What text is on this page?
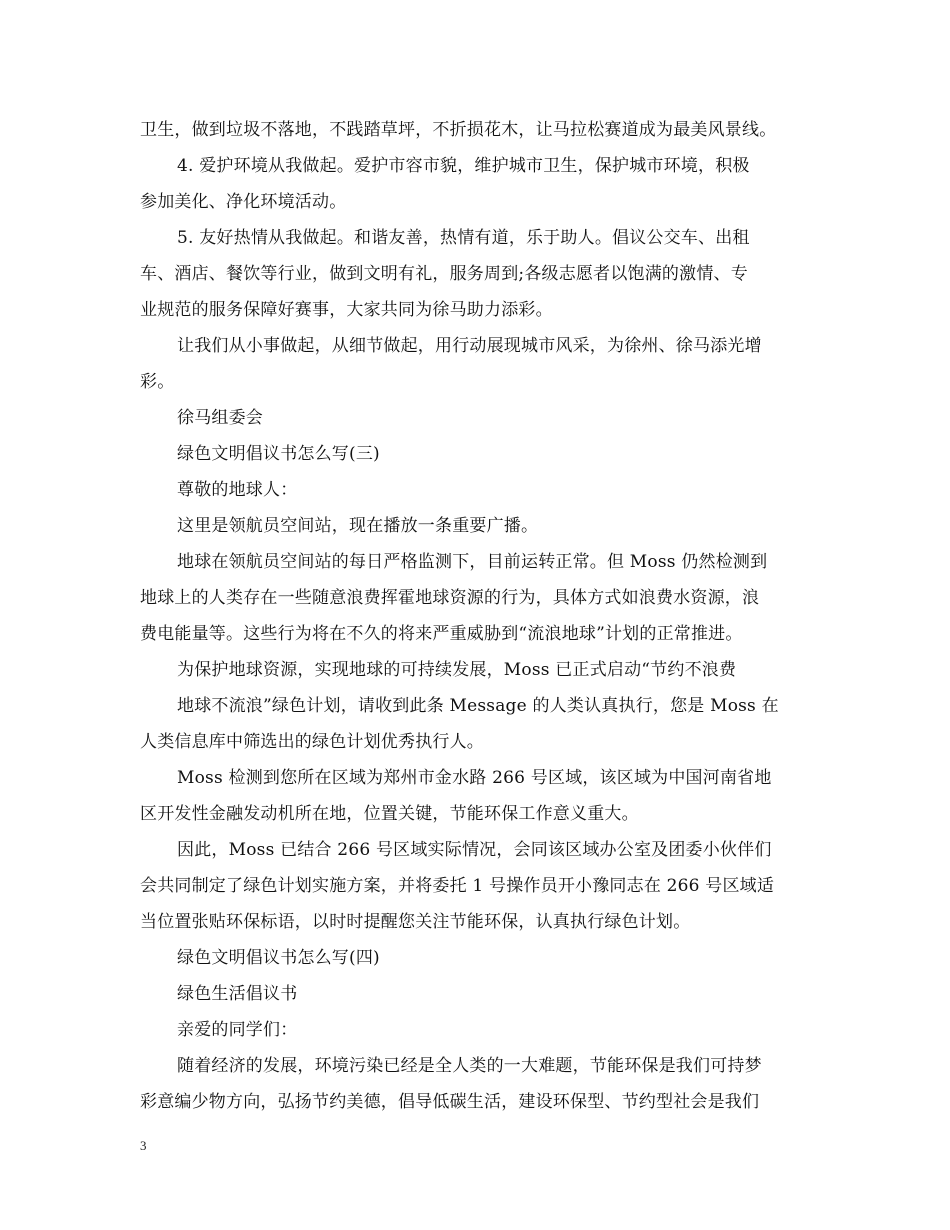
卫生，做到垃圾不落地，不践踏草坪，不折损花木，让马拉松赛道成为最美风景线。
4. 爱护环境从我做起。爱护市容市貌，维护城市卫生，保护城市环境，积极
参加美化、净化环境活动。
5. 友好热情从我做起。和谐友善，热情有道，乐于助人。倡议公交车、出租
车、酒店、餐饮等行业，做到文明有礼，服务周到;各级志愿者以饱满的激情、专
业规范的服务保障好赛事，大家共同为徐马助力添彩。
让我们从小事做起，从细节做起，用行动展现城市风采，为徐州、徐马添光增
彩。
徐马组委会
绿色文明倡议书怎么写(三)
尊敬的地球人：
这里是领航员空间站，现在播放一条重要广播。
地球在领航员空间站的每日严格监测下，目前运转正常。但 Moss 仍然检测到
地球上的人类存在一些随意浪费挥霍地球资源的行为，具体方式如浪费水资源，浪
费电能量等。这些行为将在不久的将来严重威胁到“流浪地球”计划的正常推进。
为保护地球资源，实现地球的可持续发展，Moss 已正式启动“节约不浪费
地球不流浪”绿色计划，请收到此条 Message 的人类认真执行，您是 Moss 在
人类信息库中筛选出的绿色计划优秀执行人。
Moss 检测到您所在区域为郑州市金水路 266 号区域，该区域为中国河南省地
区开发性金融发动机所在地，位置关键，节能环保工作意义重大。
因此，Moss 已结合 266 号区域实际情况，会同该区域办公室及团委小伙伴们
会共同制定了绿色计划实施方案，并将委托 1 号操作员开小豫同志在 266 号区域适
当位置张贴环保标语，以时时提醒您关注节能环保，认真执行绿色计划。
绿色文明倡议书怎么写(四)
绿色生活倡议书
亲爱的同学们：
随着经济的发展，环境污染已经是全人类的一大难题，节能环保是我们可持梦
彩意编少物方向，弘扬节约美德，倡导低碳生活，建设环保型、节约型社会是我们
3
